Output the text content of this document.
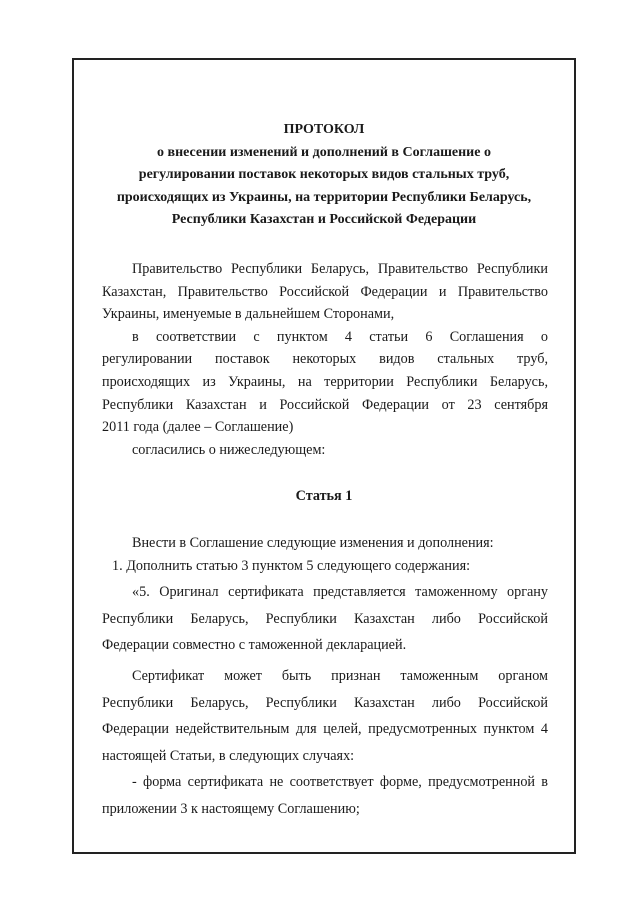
ПРОТОКОЛ
о внесении изменений и дополнений в Соглашение о
регулировании поставок некоторых видов стальных труб,
происходящих из Украины, на территории Республики Беларусь,
Республики Казахстан и Российской Федерации
Правительство Республики Беларусь, Правительство Республики
Казахстан, Правительство Российской Федерации и Правительство
Украины, именуемые в дальнейшем Сторонами,
в соответствии с пунктом 4 статьи 6 Соглашения о
регулировании поставок некоторых видов стальных труб,
происходящих из Украины, на территории Республики Беларусь,
Республики Казахстан и Российской Федерации от 23 сентября
2011 года (далее – Соглашение)
согласились о нижеследующем:
Статья 1
Внести в Соглашение следующие изменения и дополнения:
1. Дополнить статью 3 пунктом 5 следующего содержания:
«5. Оригинал сертификата представляется таможенному органу
Республики Беларусь, Республики Казахстан либо Российской
Федерации совместно с таможенной декларацией.
Сертификат может быть признан таможенным органом
Республики Беларусь, Республики Казахстан либо Российской
Федерации недействительным для целей, предусмотренных пунктом 4
настоящей Статьи, в следующих случаях:
- форма сертификата не соответствует форме, предусмотренной в
приложении 3 к настоящему Соглашению;
